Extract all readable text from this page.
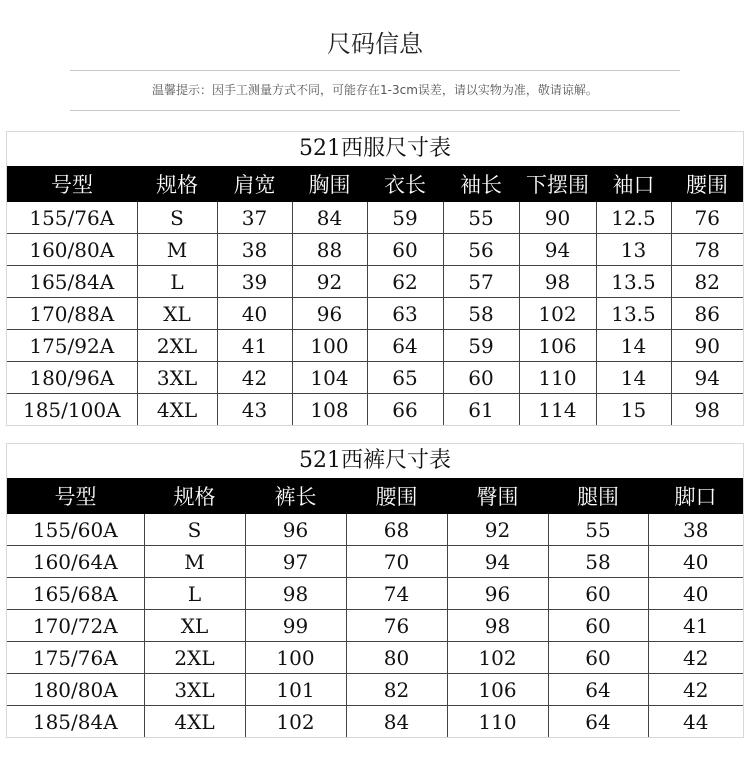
尺码信息
温馨提示：因手工测量方式不同，可能存在1-3cm误差，请以实物为准，敬请谅解。
521西服尺寸表
号型	规格	肩宽	胸围	衣长	袖长	下摆围	袖口	腰围
155/76A	S	37	84	59	55	90	12.5	76
160/80A	M	38	88	60	56	94	13	78
165/84A	L	39	92	62	57	98	13.5	82
170/88A	XL	40	96	63	58	102	13.5	86
175/92A	2XL	41	100	64	59	106	14	90
180/96A	3XL	42	104	65	60	110	14	94
185/100A	4XL	43	108	66	61	114	15	98
521西裤尺寸表
号型	规格	裤长	腰围	臀围	腿围	脚口
155/60A	S	96	68	92	55	38
160/64A	M	97	70	94	58	40
165/68A	L	98	74	96	60	40
170/72A	XL	99	76	98	60	41
175/76A	2XL	100	80	102	60	42
180/80A	3XL	101	82	106	64	42
185/84A	4XL	102	84	110	64	44
